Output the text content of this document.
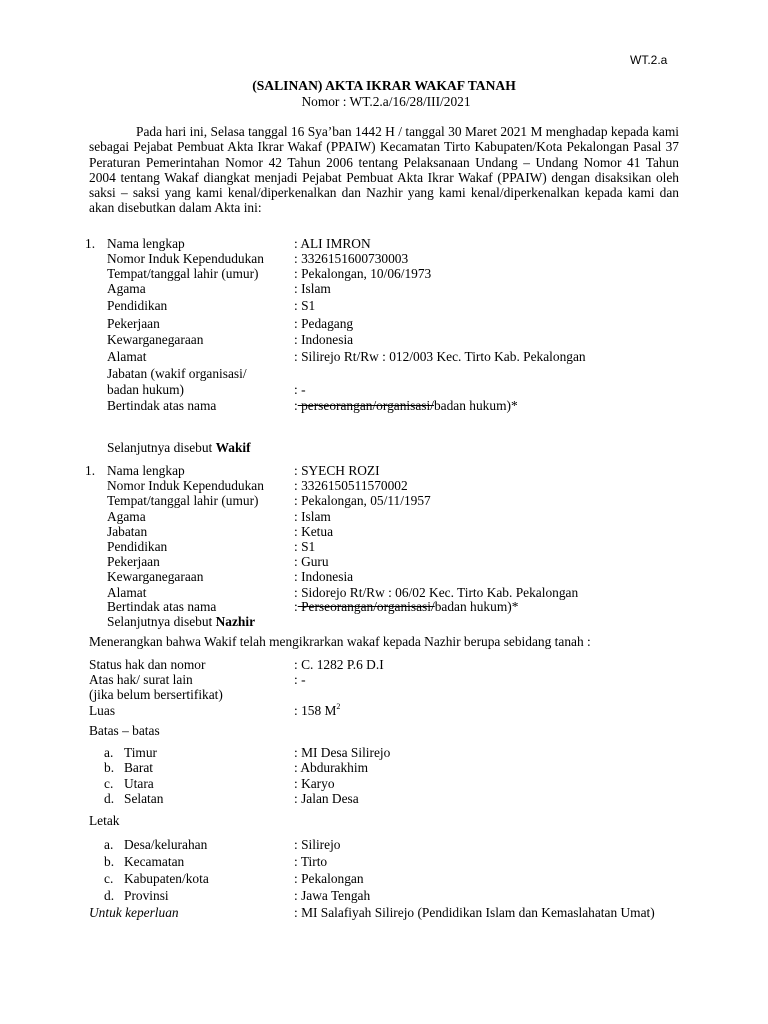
WT.2.a
(SALINAN) AKTA IKRAR WAKAF TANAH
Nomor : WT.2.a/16/28/III/2021
Pada hari ini, Selasa tanggal 16 Sya’ban 1442 H / tanggal 30 Maret 2021 M menghadap kepada kami sebagai Pejabat Pembuat Akta Ikrar Wakaf (PPAIW) Kecamatan Tirto Kabupaten/Kota Pekalongan Pasal 37 Peraturan Pemerintahan Nomor 42 Tahun 2006 tentang Pelaksanaan Undang – Undang Nomor 41 Tahun 2004 tentang Wakaf diangkat menjadi Pejabat Pembuat Akta Ikrar Wakaf (PPAIW) dengan disaksikan oleh saksi – saksi yang kami kenal/diperkenalkan dan Nazhir yang kami kenal/diperkenalkan kepada kami dan akan disebutkan dalam Akta ini:
1. Nama lengkap	: ALI IMRON
Nomor Induk Kependudukan : 3326151600730003
Tempat/tanggal lahir (umur)	: Pekalongan, 10/06/1973
Agama	: Islam
Pendidikan	: S1
Pekerjaan	: Pedagang
Kewarganegaraan	: Indonesia
Alamat	: Silirejo Rt/Rw : 012/003 Kec. Tirto Kab. Pekalongan
Jabatan (wakif organisasi/
badan hukum)	: -
Bertindak atas nama	: perseorangan/organisasi/badan hukum)*
Selanjutnya disebut Wakif
1. Nama lengkap	: SYECH ROZI
Nomor Induk Kependudukan : 3326150511570002
Tempat/tanggal lahir (umur)	: Pekalongan, 05/11/1957
Agama	: Islam
Jabatan	: Ketua
Pendidikan	: S1
Pekerjaan	: Guru
Kewarganegaraan	: Indonesia
Alamat	: Sidorejo Rt/Rw : 06/02 Kec. Tirto Kab. Pekalongan
Bertindak atas nama	: Perseorangan/organisasi/badan hukum)*
Selanjutnya disebut Nazhir
Menerangkan bahwa Wakif telah mengikrarkan wakaf kepada Nazhir berupa sebidang tanah :
Status hak dan nomor	: C. 1282 P.6 D.I
Atas hak/ surat lain	: -
(jika belum bersertifikat)
Luas	: 158 $M^2$
Batas – batas
a. Timur	: MI Desa Silirejo
b. Barat	: Abdurakhim
c. Utara	: Karyo
d. Selatan	: Jalan Desa
Letak
a. Desa/kelurahan	: Silirejo
b. Kecamatan	: Tirto
c. Kabupaten/kota	: Pekalongan
d. Provinsi	: Jawa Tengah
Untuk keperluan	: MI Salafiyah Silirejo (Pendidikan Islam dan Kemaslahatan Umat)
